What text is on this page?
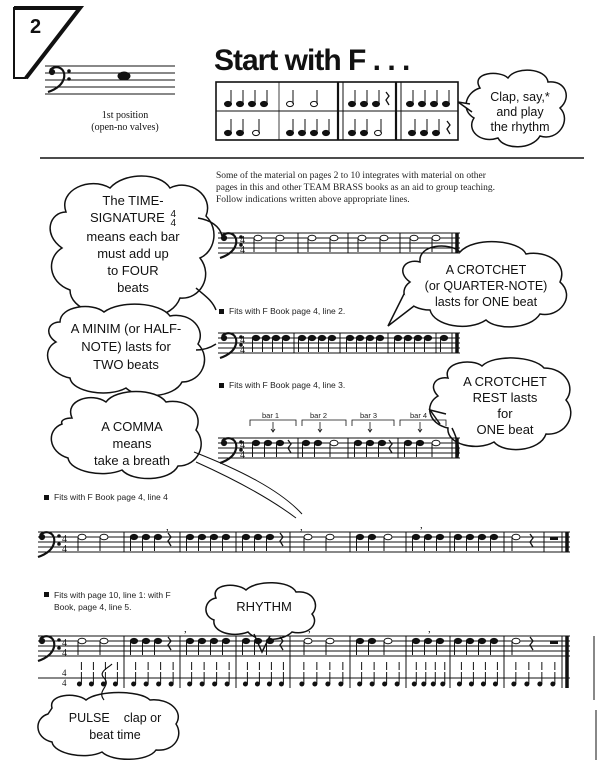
4
4
4
4
4
4
4
4
,	,	,
4
4
4
4
,	,	,
2
Start with F . . .
1st position
(open-no valves)
Clap, say,*
and play
the rhythm
Some of the material on pages 2 to 10 integrates with material on other
pages in this and other TEAM BRASS books as an aid to group teaching.
Follow indications written above appropriate lines.
The TIME-
SIGNATURE 4
4
means each bar
must add up
to FOUR
beats
A CROTCHET
(or QUARTER-NOTE)
lasts for ONE beat
A MINIM (or HALF-
NOTE) lasts for
TWO beats
A CROTCHET
REST lasts
for
ONE beat
A COMMA
means
take a breath
RHYTHM
PULSE clap or
beat time
Fits with F Book page 4, line 2.
Fits with F Book page 4, line 3.
Fits with F Book page 4, line 4
Fits with page 10, line 1: with F
Book, page 4, line 5.
bar 1	bar 2	bar 3	bar 4
